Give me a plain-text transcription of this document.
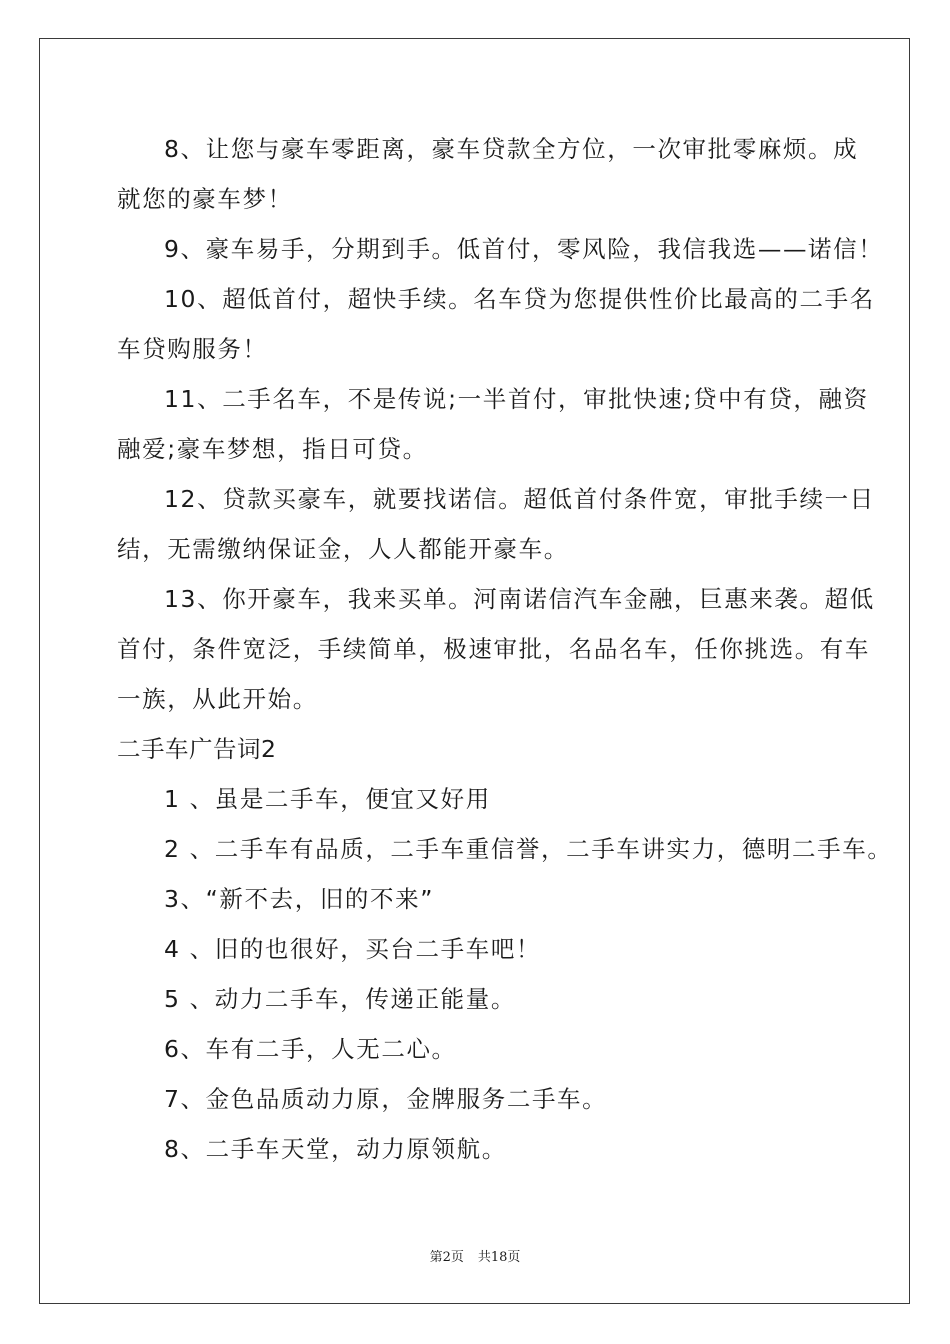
8、让您与豪车零距离，豪车贷款全方位，一次审批零麻烦。成
就您的豪车梦！
9、豪车易手，分期到手。低首付，零风险，我信我选——诺信！
10、超低首付，超快手续。名车贷为您提供性价比最高的二手名
车贷购服务！
11、二手名车，不是传说;一半首付，审批快速;贷中有贷，融资
融爱;豪车梦想，指日可贷。
12、贷款买豪车，就要找诺信。超低首付条件宽，审批手续一日
结，无需缴纳保证金，人人都能开豪车。
13、你开豪车，我来买单。河南诺信汽车金融，巨惠来袭。超低
首付，条件宽泛，手续简单，极速审批，名品名车，任你挑选。有车
一族，从此开始。
二手车广告词2
1 、虽是二手车，便宜又好用
2 、二手车有品质，二手车重信誉，二手车讲实力，德明二手车。
3、“新不去，旧的不来”
4 、旧的也很好，买台二手车吧！
5 、动力二手车，传递正能量。
6、车有二手，人无二心。
7、金色品质动力原，金牌服务二手车。
8、二手车天堂，动力原领航。
第2页 共18页
